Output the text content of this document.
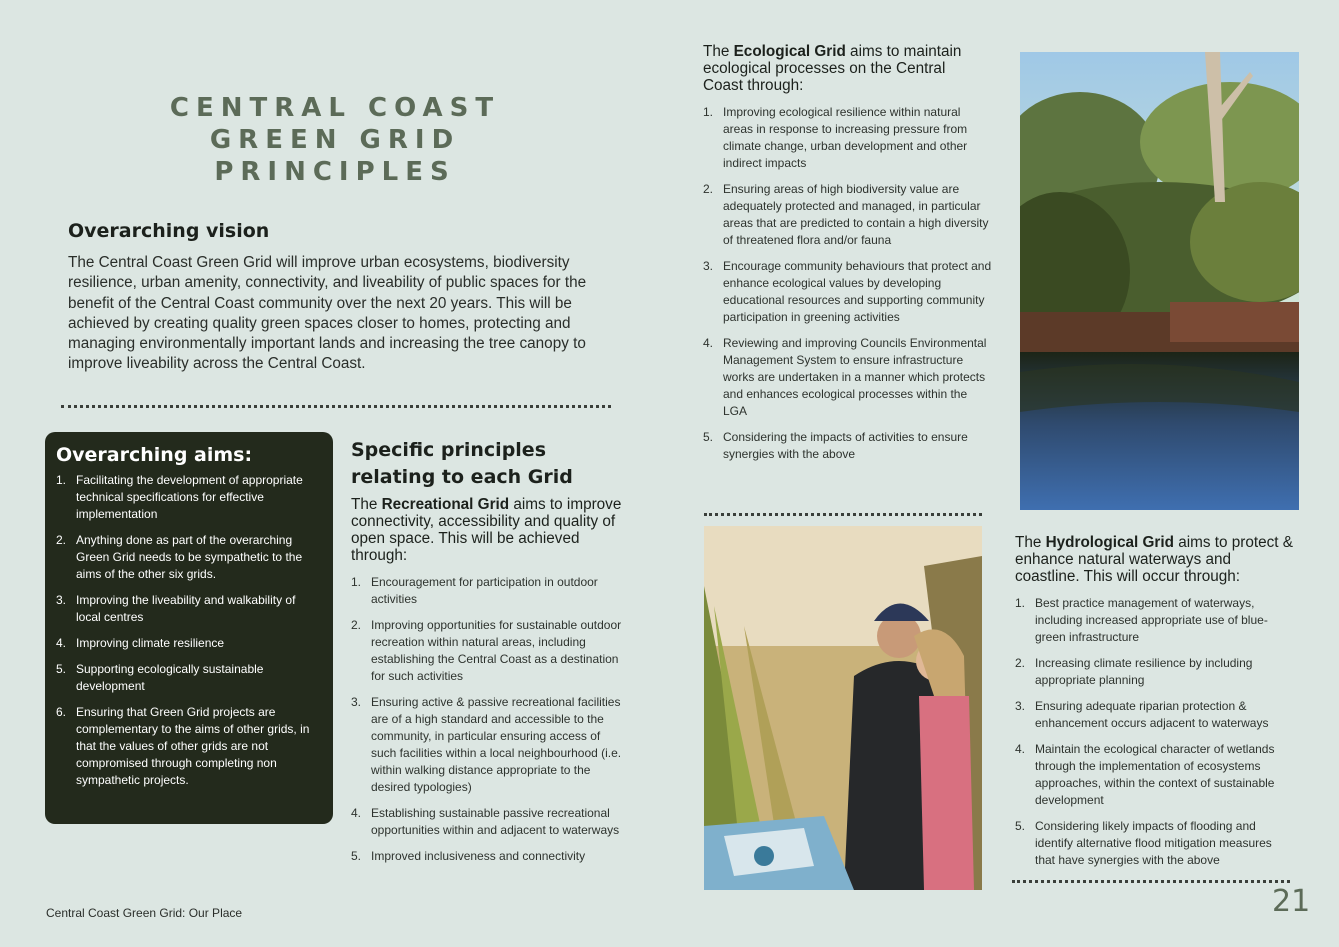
CENTRAL COAST
GREEN GRID
PRINCIPLES
Overarching vision
The Central Coast Green Grid will improve urban ecosystems, biodiversity resilience, urban amenity, connectivity, and liveability of public spaces for the benefit of the Central Coast community over the next 20 years. This will be achieved by creating quality green spaces closer to homes, protecting and managing environmentally important lands and increasing the tree canopy to improve liveability across the Central Coast.
Overarching aims:
1. Facilitating the development of appropriate technical specifications for effective implementation
2. Anything done as part of the overarching Green Grid needs to be sympathetic to the aims of the other six grids.
3. Improving the liveability and walkability of local centres
4. Improving climate resilience
5. Supporting ecologically sustainable development
6. Ensuring that Green Grid projects are complementary to the aims of other grids, in that the values of other grids are not compromised through completing non sympathetic projects.
Specific principles relating to each Grid
The Recreational Grid aims to improve connectivity, accessibility and quality of open space. This will be achieved through:
1. Encouragement for participation in outdoor activities
2. Improving opportunities for sustainable outdoor recreation within natural areas, including establishing the Central Coast as a destination for such activities
3. Ensuring active & passive recreational facilities are of a high standard and accessible to the community, in particular ensuring access of such facilities within a local neighbourhood (i.e. within walking distance appropriate to the desired typologies)
4. Establishing sustainable passive recreational opportunities within and adjacent to waterways
5. Improved inclusiveness and connectivity
The Ecological Grid aims to maintain ecological processes on the Central Coast through:
1. Improving ecological resilience within natural areas in response to increasing pressure from climate change, urban development and other indirect impacts
2. Ensuring areas of high biodiversity value are adequately protected and managed, in particular areas that are predicted to contain a high diversity of threatened flora and/or fauna
3. Encourage community behaviours that protect and enhance ecological values by developing educational resources and supporting community participation in greening activities
4. Reviewing and improving Councils Environmental Management System to ensure infrastructure works are undertaken in a manner which protects and enhances ecological processes within the LGA
5. Considering the impacts of activities to ensure synergies with the above
The Hydrological Grid aims to protect & enhance natural waterways and coastline. This will occur through:
1. Best practice management of waterways, including increased appropriate use of blue-green infrastructure
2. Increasing climate resilience by including appropriate planning
3. Ensuring adequate riparian protection & enhancement occurs adjacent to waterways
4. Maintain the ecological character of wetlands through the implementation of ecosystems approaches, within the context of sustainable development
5. Considering likely impacts of flooding and identify alternative flood mitigation measures that have synergies with the above
Central Coast Green Grid: Our Place	21
